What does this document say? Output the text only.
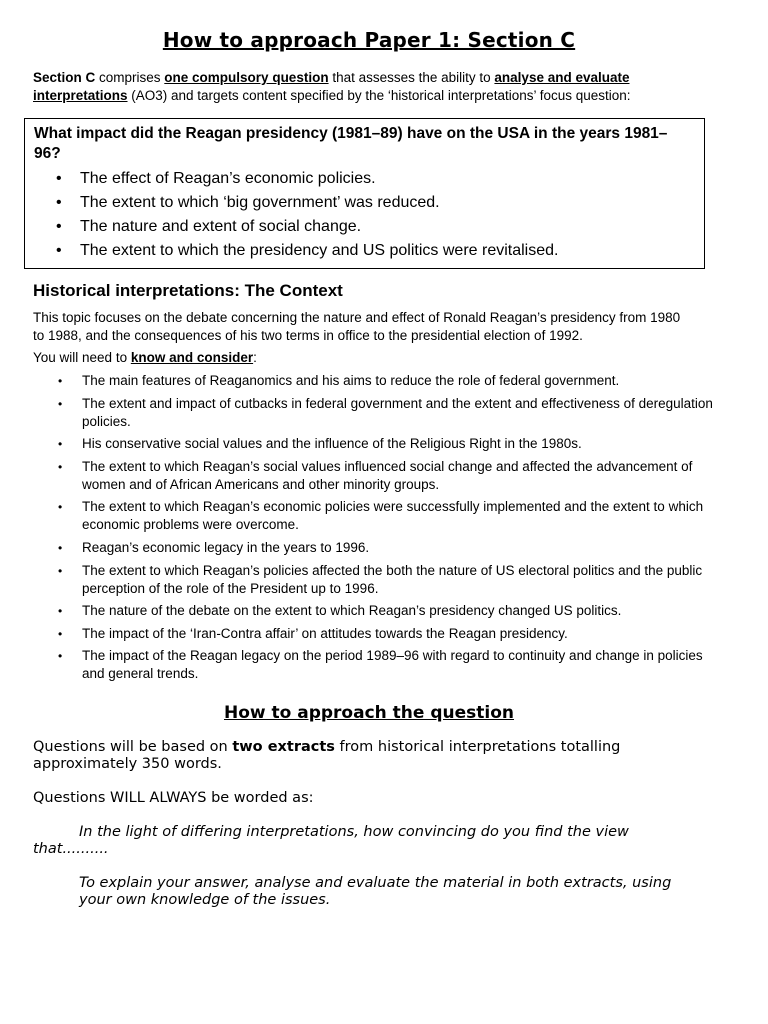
How to approach Paper 1: Section C
Section C comprises one compulsory question that assesses the ability to analyse and evaluate interpretations (AO3) and targets content specified by the ‘historical interpretations’ focus question:
What impact did the Reagan presidency (1981–89) have on the USA in the years 1981–96?
• The effect of Reagan’s economic policies.
• The extent to which ‘big government’ was reduced.
• The nature and extent of social change.
• The extent to which the presidency and US politics were revitalised.
Historical interpretations: The Context
This topic focuses on the debate concerning the nature and effect of Ronald Reagan’s presidency from 1980 to 1988, and the consequences of his two terms in office to the presidential election of 1992.
You will need to know and consider:
• The main features of Reaganomics and his aims to reduce the role of federal government.
• The extent and impact of cutbacks in federal government and the extent and effectiveness of deregulation policies.
• His conservative social values and the influence of the Religious Right in the 1980s.
• The extent to which Reagan’s social values influenced social change and affected the advancement of women and of African Americans and other minority groups.
• The extent to which Reagan’s economic policies were successfully implemented and the extent to which economic problems were overcome.
• Reagan’s economic legacy in the years to 1996.
• The extent to which Reagan’s policies affected the both the nature of US electoral politics and the public perception of the role of the President up to 1996.
• The nature of the debate on the extent to which Reagan’s presidency changed US politics.
• The impact of the ‘Iran-Contra affair’ on attitudes towards the Reagan presidency.
• The impact of the Reagan legacy on the period 1989–96 with regard to continuity and change in policies and general trends.
How to approach the question
Questions will be based on two extracts from historical interpretations totalling approximately 350 words.
Questions WILL ALWAYS be worded as:
In the light of differing interpretations, how convincing do you find the view that..........
To explain your answer, analyse and evaluate the material in both extracts, using your own knowledge of the issues.
